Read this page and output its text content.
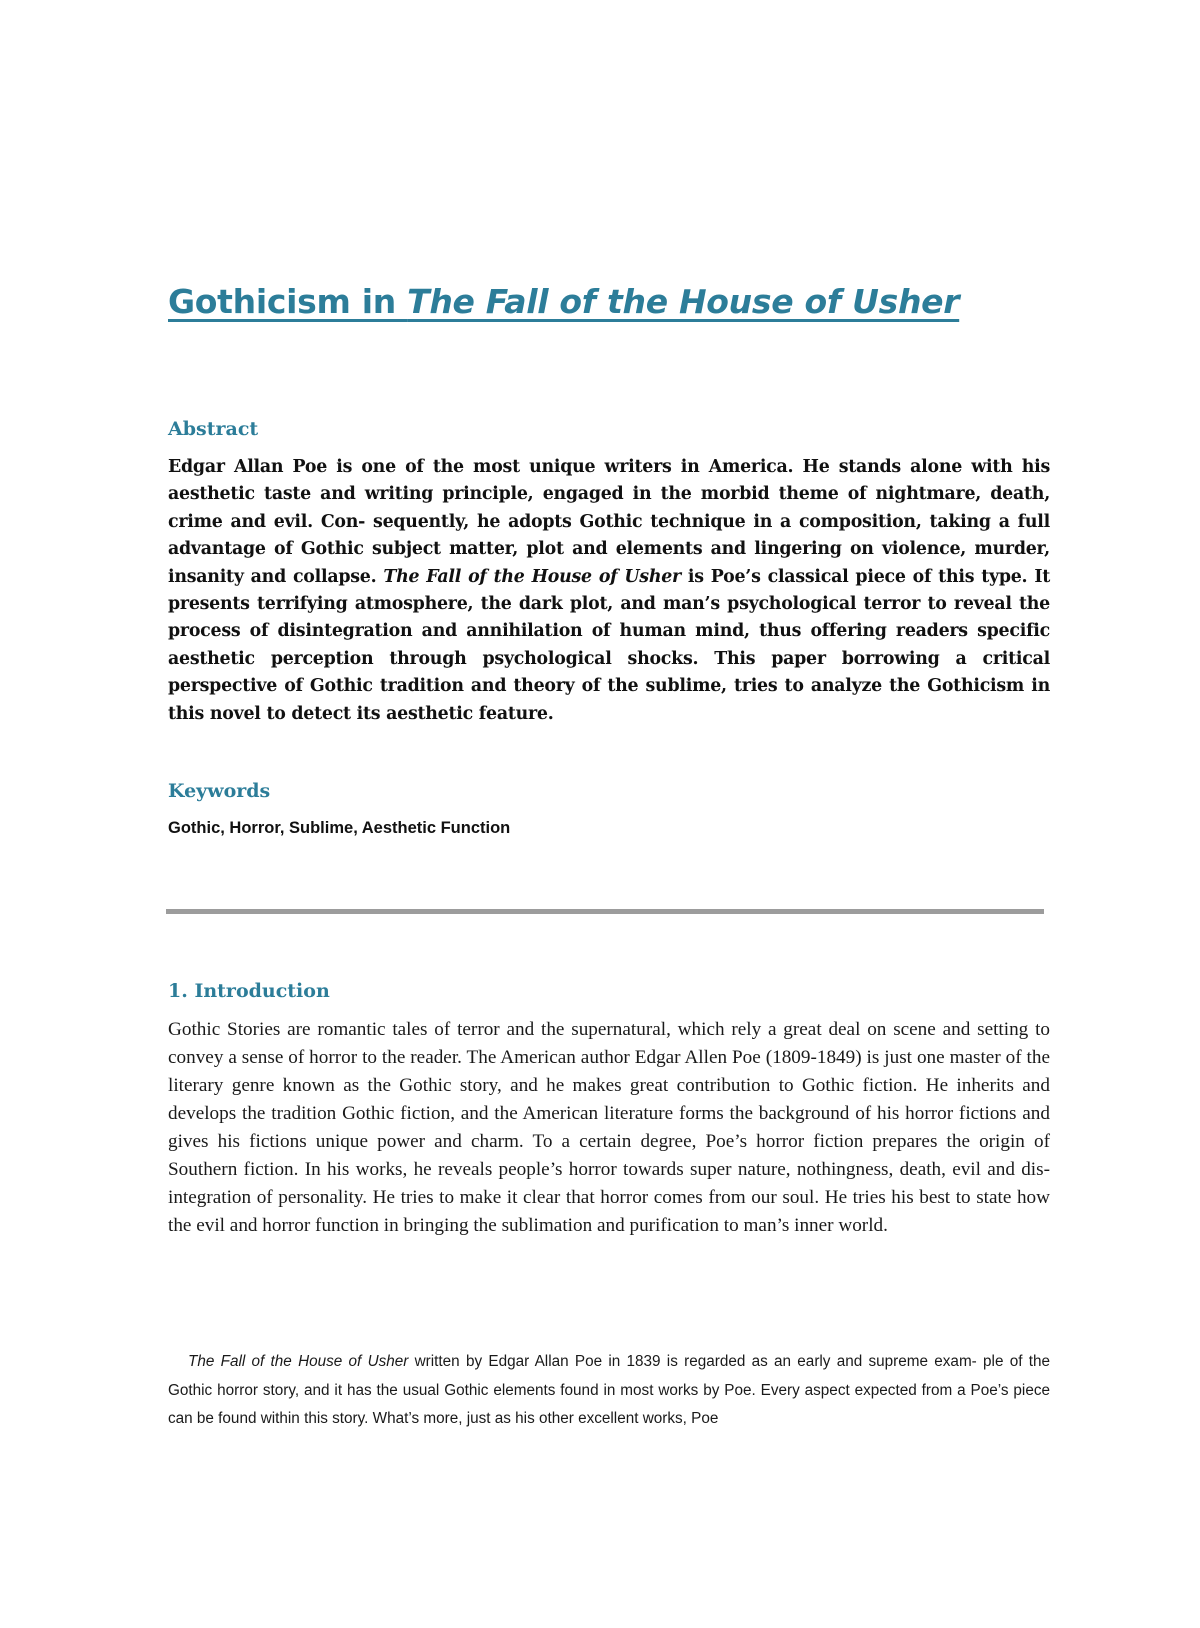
Gothicism in The Fall of the House of Usher
Abstract

Edgar Allan Poe is one of the most unique writers in America. He stands alone with his aesthetic taste and writing principle, engaged in the morbid theme of nightmare, death, crime and evil. Con- sequently, he adopts Gothic technique in a composition, taking a full advantage of Gothic subject matter, plot and elements and lingering on violence, murder, insanity and collapse. The Fall of the House of Usher is Poe’s classical piece of this type. It presents terrifying atmosphere, the dark plot, and man’s psychological terror to reveal the process of disintegration and annihilation of human mind, thus offering readers specific aesthetic perception through psychological shocks. This paper borrowing a critical perspective of Gothic tradition and theory of the sublime, tries to analyze the Gothicism in this novel to detect its aesthetic feature.

Keywords

Gothic, Horror, Sublime, Aesthetic Function

1. Introduction

Gothic Stories are romantic tales of terror and the supernatural, which rely a great deal on scene and setting to convey a sense of horror to the reader. The American author Edgar Allen Poe (1809-1849) is just one master of the literary genre known as the Gothic story, and he makes great contribution to Gothic fiction. He inherits and develops the tradition Gothic fiction, and the American literature forms the background of his horror fictions and gives his fictions unique power and charm. To a certain degree, Poe’s horror fiction prepares the origin of Southern fiction. In his works, he reveals people’s horror towards super nature, nothingness, death, evil and dis-integration of personality. He tries to make it clear that horror comes from our soul. He tries his best to state how the evil and horror function in bringing the sublimation and purification to man’s inner world.

The Fall of the House of Usher written by Edgar Allan Poe in 1839 is regarded as an early and supreme exam- ple of the Gothic horror story, and it has the usual Gothic elements found in most works by Poe. Every aspect expected from a Poe’s piece can be found within this story. What’s more, just as his other excellent works, Poe
